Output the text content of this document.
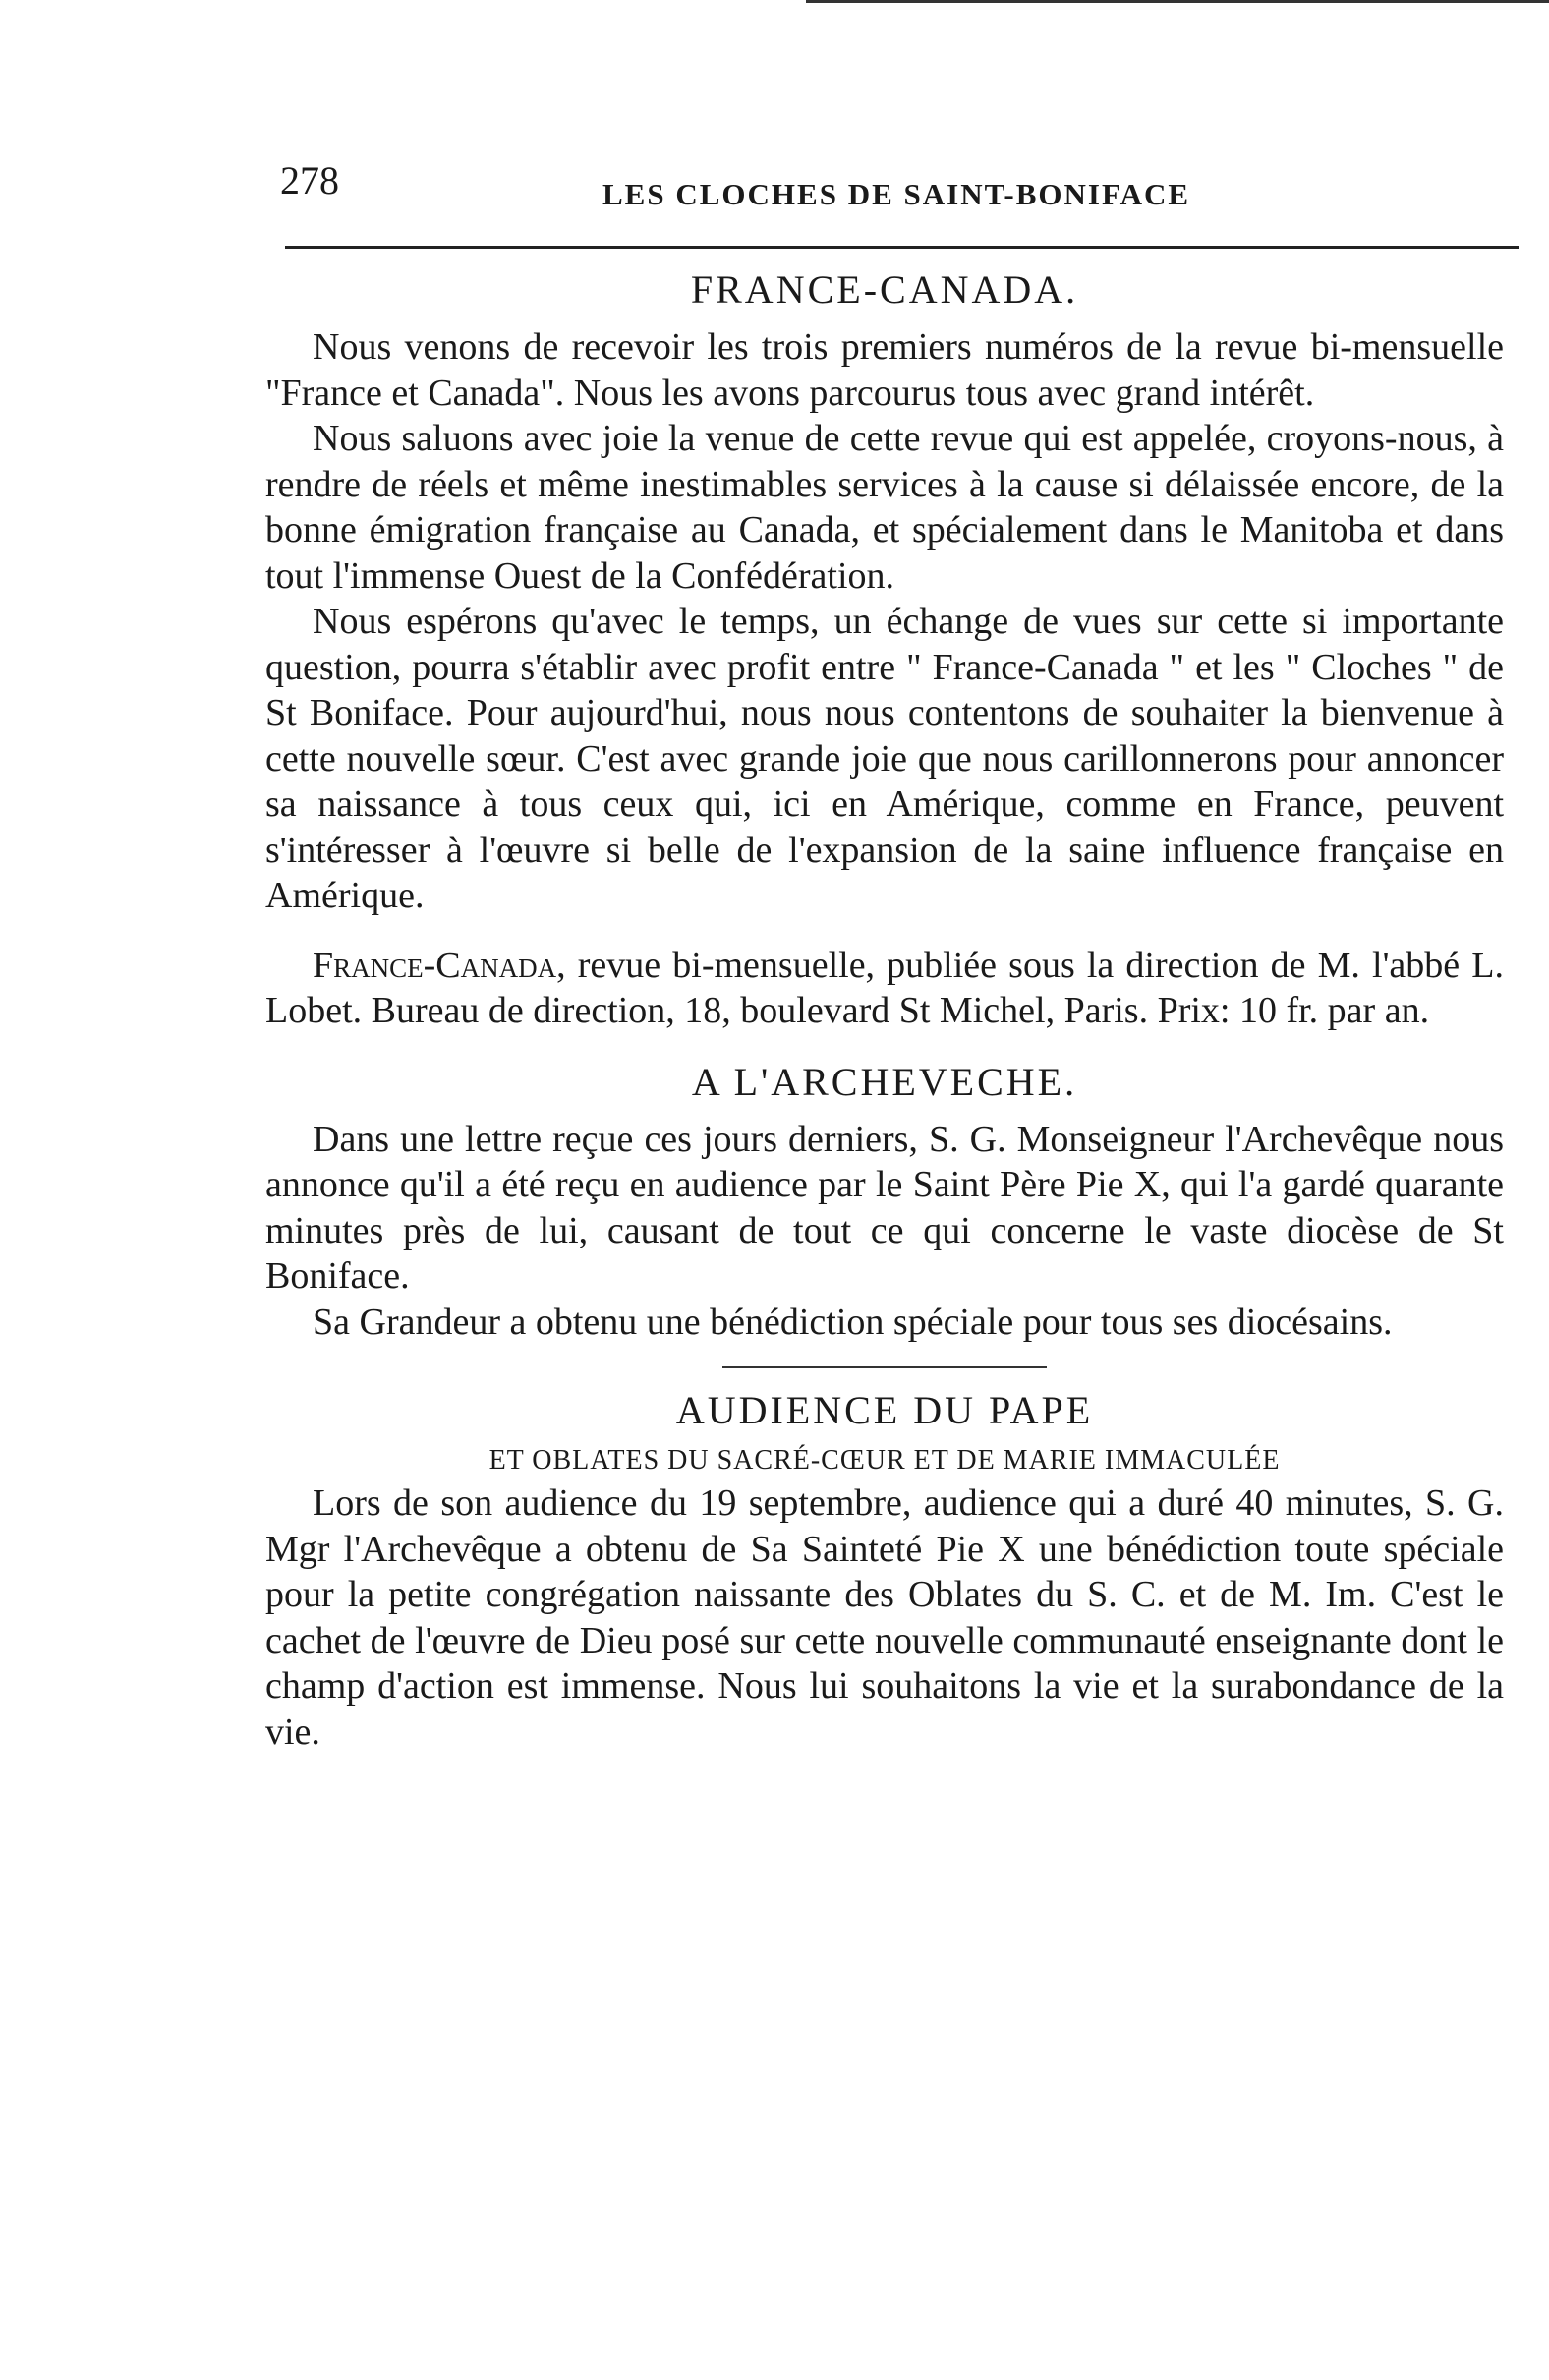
278	LES CLOCHES DE SAINT-BONIFACE
FRANCE-CANADA.

Nous venons de recevoir les trois premiers numéros de la revue bi-mensuelle "France et Canada". Nous les avons parcourus tous avec grand intérêt.

Nous saluons avec joie la venue de cette revue qui est appelée, croyons-nous, à rendre de réels et même inestimables services à la cause si délaissée encore, de la bonne émigration française au Canada, et spécialement dans le Manitoba et dans tout l'immense Ouest de la Confédération.

Nous espérons qu'avec le temps, un échange de vues sur cette si importante question, pourra s'établir avec profit entre " France-Canada " et les " Cloches " de St Boniface. Pour aujourd'hui, nous nous contentons de souhaiter la bienvenue à cette nouvelle sœur. C'est avec grande joie que nous carillonnerons pour annoncer sa naissance à tous ceux qui, ici en Amérique, comme en France, peuvent s'intéresser à l'œuvre si belle de l'expansion de la saine influence française en Amérique.

France-Canada, revue bi-mensuelle, publiée sous la direction de M. l'abbé L. Lobet. Bureau de direction, 18, boulevard St Michel, Paris. Prix: 10 fr. par an.

A L'ARCHEVECHE.

Dans une lettre reçue ces jours derniers, S. G. Monseigneur l'Archevêque nous annonce qu'il a été reçu en audience par le Saint Père Pie X, qui l'a gardé quarante minutes près de lui, causant de tout ce qui concerne le vaste diocèse de St Boniface.

Sa Grandeur a obtenu une bénédiction spéciale pour tous ses diocésains.

AUDIENCE DU PAPE
ET OBLATES DU SACRÉ-CŒUR ET DE MARIE IMMACULÉE

Lors de son audience du 19 septembre, audience qui a duré 40 minutes, S. G. Mgr l'Archevêque a obtenu de Sa Sainteté Pie X une bénédiction toute spéciale pour la petite congrégation naissante des Oblates du S. C. et de M. Im. C'est le cachet de l'œuvre de Dieu posé sur cette nouvelle communauté enseignante dont le champ d'action est immense. Nous lui souhaitons la vie et la surabondance de la vie.
